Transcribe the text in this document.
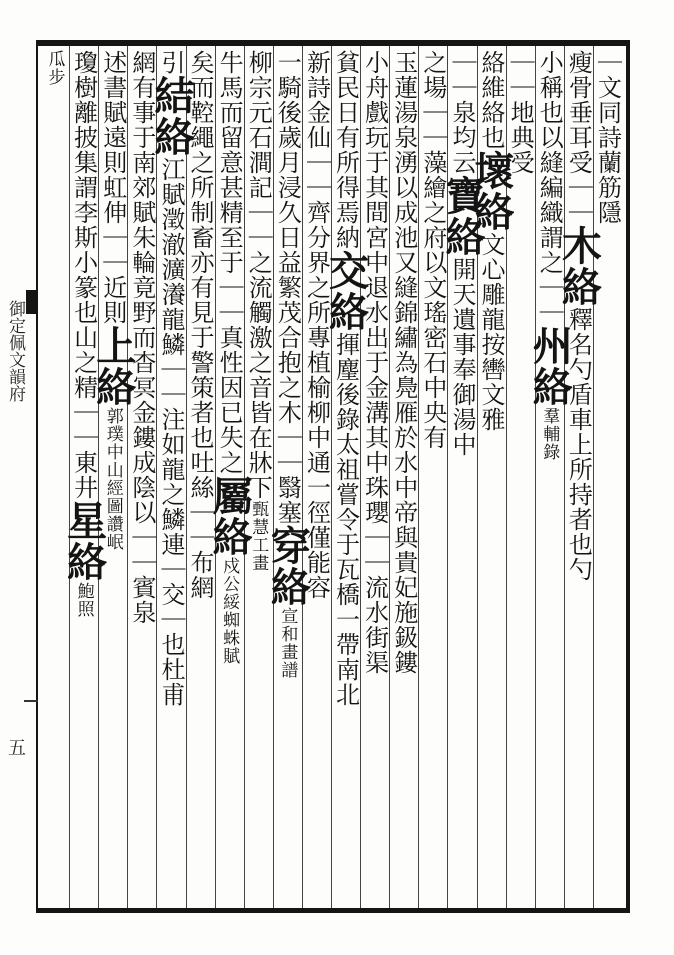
｜文同詩蘭筋隱
瘦骨垂耳受｜｜木絡釋名勺盾車上所持者也勺
小稱也以縫編織謂之｜｜州絡羣輔錄
｜｜地典受
絡維絡也壞絡文心雕龍按轡文雅
｜｜泉均云寶絡開天遺事奉御湯中
之場｜｜藻繪之府以文瑤密石中央有
玉蓮湯泉湧以成池又縫錦繡為鳧雁於水中帝與貴妃施鈒鏤
小舟戲玩于其間宮中退水出于金溝其中珠瓔｜｜流水街渠
貧民日有所得焉納交絡揮麈後錄太祖嘗令于瓦橋一帶南北
新詩金仙｜｜齊分界之所專植榆柳中通一徑僅能容
一騎後歲月浸久日益繁茂合抱之木｜｜翳塞穿絡宣和畫譜
柳宗元石澗記｜｜之流觸激之音皆在牀下甄慧工畫
牛馬而留意甚精至于｜｜真性因已失之屬絡戍公綏蜘蛛賦
矣而鞚繩之所制畜亦有見于警策者也吐絲｜｜布網
引結絡江賦澂澈瀇瀁龍鱗｜｜注如龍之鱗連｜交｜也杜甫
網有事于南郊賦朱輪竟野而杳冥金鏤成陰以｜｜賓泉
述書賦遠則虹伸｜｜近則上絡郭璞中山經圖讚岷
瓊樹離披集謂李斯小篆也山之精｜｜東井星絡鮑照
瓜步
御定佩文韻府
五
